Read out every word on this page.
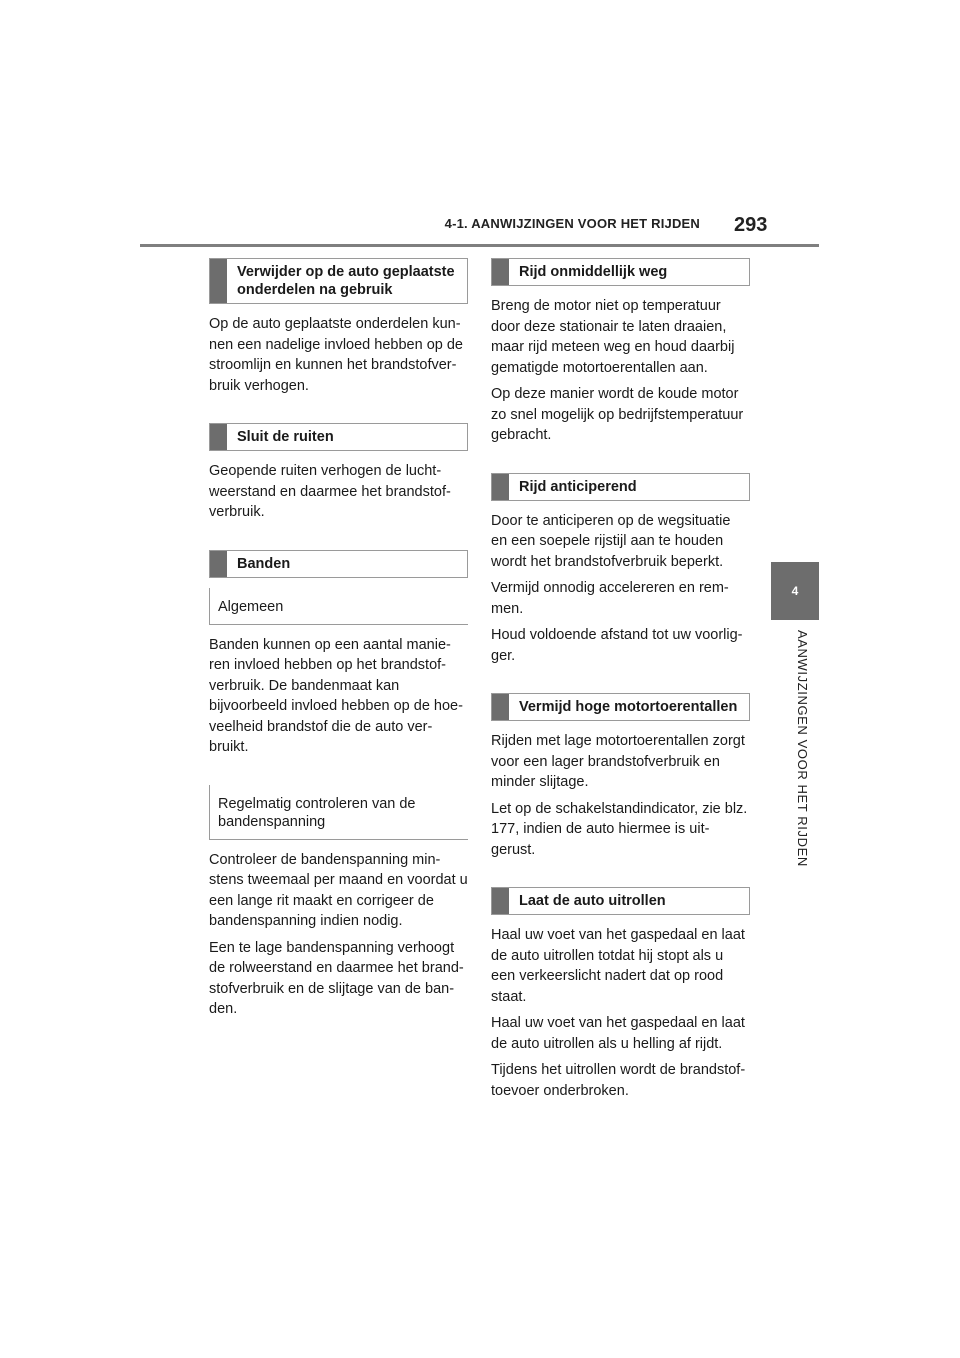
4-1. AANWIJZINGEN VOOR HET RIJDEN 293
4
AANWIJZINGEN VOOR HET RIJDEN
Verwijder op de auto geplaatste onderdelen na gebruik

Op de auto geplaatste onderdelen kun-nen een nadelige invloed hebben op de stroomlijn en kunnen het brandstofver-bruik verhogen.

Sluit de ruiten

Geopende ruiten verhogen de lucht-weerstand en daarmee het brandstof-verbruik.

Banden
Algemeen

Banden kunnen op een aantal manie-ren invloed hebben op het brandstof-verbruik. De bandenmaat kan bijvoorbeeld invloed hebben op de hoe-veelheid brandstof die de auto ver-bruikt.

Regelmatig controleren van de bandenspanning

Controleer de bandenspanning min-stens tweemaal per maand en voordat u een lange rit maakt en corrigeer de bandenspanning indien nodig.

Een te lage bandenspanning verhoogt de rolweerstand en daarmee het brand-stofverbruik en de slijtage van de ban-den.

Rijd onmiddellijk weg

Breng de motor niet op temperatuur door deze stationair te laten draaien, maar rijd meteen weg en houd daarbij gematigde motortoerentallen aan.

Op deze manier wordt de koude motor zo snel mogelijk op bedrijfstemperatuur gebracht.

Rijd anticiperend

Door te anticiperen op de wegsituatie en een soepele rijstijl aan te houden wordt het brandstofverbruik beperkt.

Vermijd onnodig accelereren en rem-men.

Houd voldoende afstand tot uw voorlig-ger.

Vermijd hoge motortoerentallen

Rijden met lage motortoerentallen zorgt voor een lager brandstofverbruik en minder slijtage.

Let op de schakelstandindicator, zie blz. 177, indien de auto hiermee is uit-gerust.

Laat de auto uitrollen

Haal uw voet van het gaspedaal en laat de auto uitrollen totdat hij stopt als u een verkeerslicht nadert dat op rood staat.

Haal uw voet van het gaspedaal en laat de auto uitrollen als u helling af rijdt.

Tijdens het uitrollen wordt de brandstof-toevoer onderbroken.
